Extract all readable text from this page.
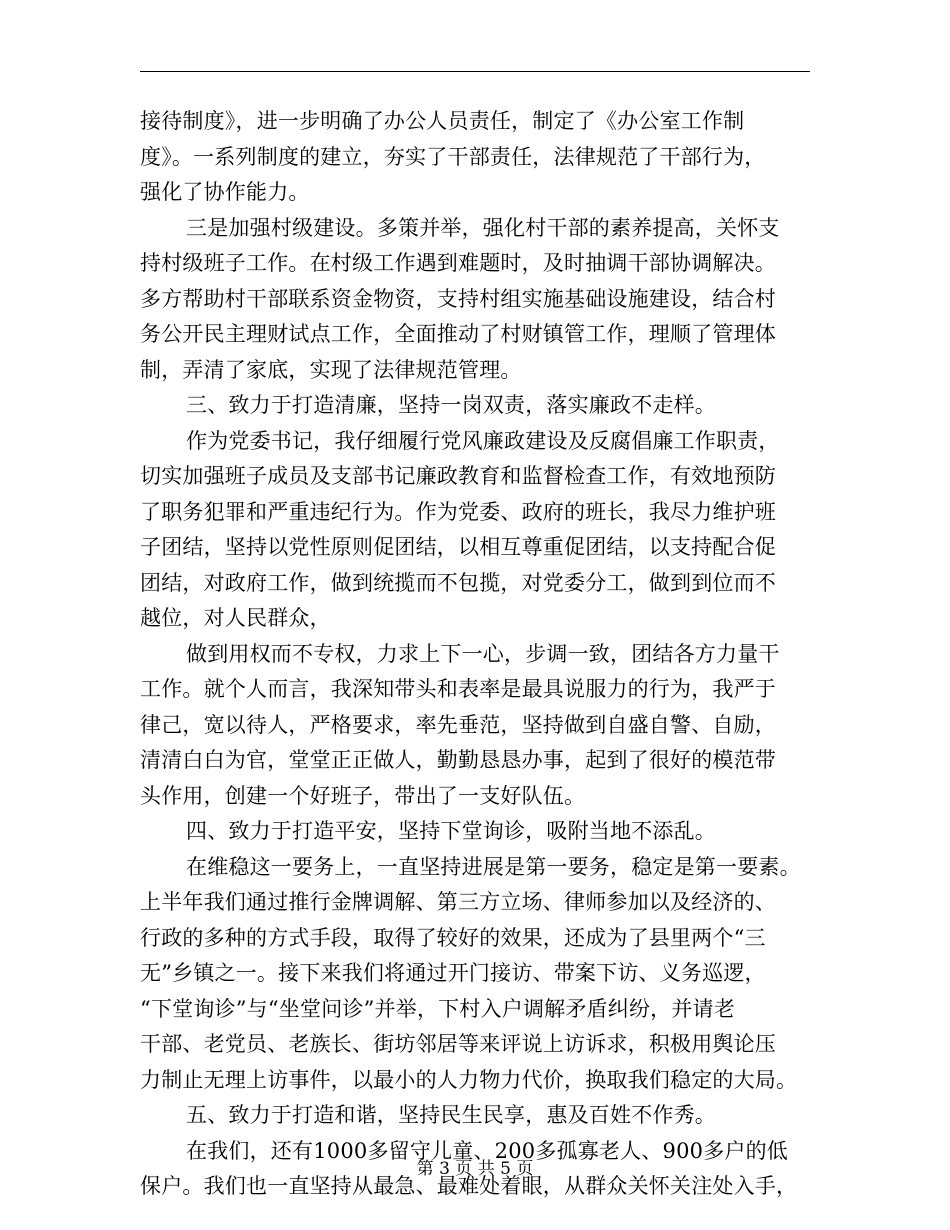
接待制度》，进一步明确了办公人员责任，制定了《办公室工作制
度》。一系列制度的建立，夯实了干部责任，法律规范了干部行为，
强化了协作能力。
三是加强村级建设。多策并举，强化村干部的素养提高，关怀支
持村级班子工作。在村级工作遇到难题时，及时抽调干部协调解决。
多方帮助村干部联系资金物资，支持村组实施基础设施建设，结合村
务公开民主理财试点工作，全面推动了村财镇管工作，理顺了管理体
制，弄清了家底，实现了法律规范管理。
三、致力于打造清廉，坚持一岗双责，落实廉政不走样。
作为党委书记，我仔细履行党风廉政建设及反腐倡廉工作职责，
切实加强班子成员及支部书记廉政教育和监督检查工作，有效地预防
了职务犯罪和严重违纪行为。作为党委、政府的班长，我尽力维护班
子团结，坚持以党性原则促团结，以相互尊重促团结，以支持配合促
团结，对政府工作，做到统揽而不包揽，对党委分工，做到到位而不
越位，对人民群众，
做到用权而不专权，力求上下一心，步调一致，团结各方力量干
工作。就个人而言，我深知带头和表率是最具说服力的行为，我严于
律己，宽以待人，严格要求，率先垂范，坚持做到自盛自警、自励，
清清白白为官，堂堂正正做人，勤勤恳恳办事，起到了很好的模范带
头作用，创建一个好班子，带出了一支好队伍。
四、致力于打造平安，坚持下堂询诊，吸附当地不添乱。
在维稳这一要务上，一直坚持进展是第一要务，稳定是第一要素。
上半年我们通过推行金牌调解、第三方立场、律师参加以及经济的、
行政的多种的方式手段，取得了较好的效果，还成为了县里两个“三
无”乡镇之一。接下来我们将通过开门接访、带案下访、义务巡逻，
“下堂询诊”与“坐堂问诊”并举，下村入户调解矛盾纠纷，并请老
干部、老党员、老族长、街坊邻居等来评说上访诉求，积极用舆论压
力制止无理上访事件，以最小的人力物力代价，换取我们稳定的大局。
五、致力于打造和谐，坚持民生民享，惠及百姓不作秀。
在我们，还有1000多留守儿童、200多孤寡老人、900多户的低
保户。我们也一直坚持从最急、最难处着眼，从群众关怀关注处入手，
第 3 页 共 5 页
